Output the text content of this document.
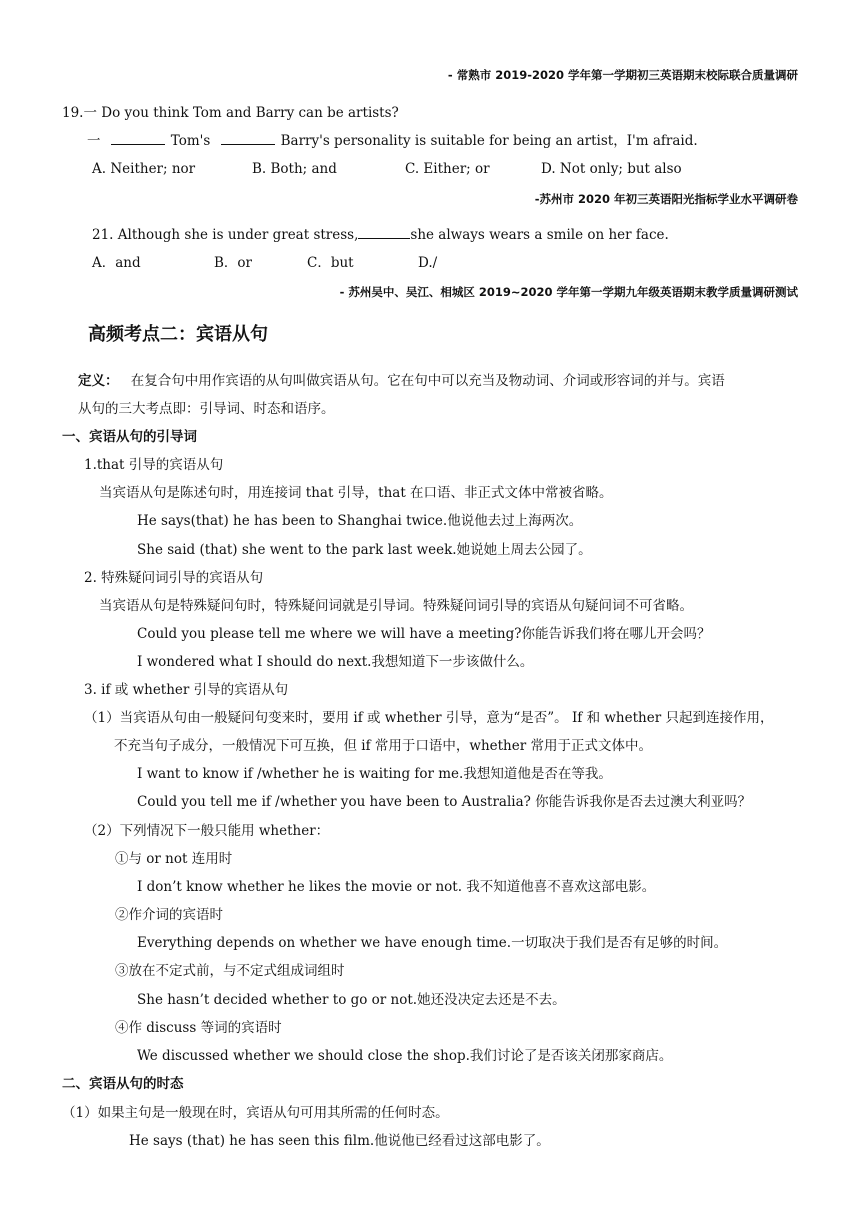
- 常熟市 2019-2020 学年第一学期初三英语期末校际联合质量调研
19.一 Do you think Tom and Barry can be artists?
一	Tom's	Barry's personality is suitable for being an artist，I'm afraid.
A. Neither; nor	B. Both; and	C. Either; or	D. Not only; but also
-苏州市 2020 年初三英语阳光指标学业水平调研卷
21. Although she is under great stress,	she always wears a smile on her face.
A．and	B．or	C．but	D./
- 苏州吴中、吴江、相城区 2019~2020 学年第一学期九年级英语期末教学质量调研测试
高频考点二：宾语从句
定义： 在复合句中用作宾语的从句叫做宾语从句。它在句中可以充当及物动词、介词或形容词的并与。宾语
从句的三大考点即：引导词、时态和语序。
一、宾语从句的引导词
1.that 引导的宾语从句
当宾语从句是陈述句时，用连接词 that 引导，that 在口语、非正式文体中常被省略。
He says(that) he has been to Shanghai twice.他说他去过上海两次。
She said (that) she went to the park last week.她说她上周去公园了。
2. 特殊疑问词引导的宾语从句
当宾语从句是特殊疑问句时，特殊疑问词就是引导词。特殊疑问词引导的宾语从句疑问词不可省略。
Could you please tell me where we will have a meeting?你能告诉我们将在哪儿开会吗？
I wondered what I should do next.我想知道下一步该做什么。
3. if 或 whether 引导的宾语从句
（1）当宾语从句由一般疑问句变来时，要用 if 或 whether 引导，意为“是否”。 If 和 whether 只起到连接作用，
不充当句子成分，一般情况下可互换，但 if 常用于口语中，whether 常用于正式文体中。
I want to know if /whether he is waiting for me.我想知道他是否在等我。
Could you tell me if /whether you have been to Australia? 你能告诉我你是否去过澳大利亚吗？
（2）下列情况下一般只能用 whether：
①与 or not 连用时
I don’t know whether he likes the movie or not. 我不知道他喜不喜欢这部电影。
②作介词的宾语时
Everything depends on whether we have enough time.一切取决于我们是否有足够的时间。
③放在不定式前，与不定式组成词组时
She hasn’t decided whether to go or not.她还没决定去还是不去。
④作 discuss 等词的宾语时
We discussed whether we should close the shop.我们讨论了是否该关闭那家商店。
二、宾语从句的时态
（1）如果主句是一般现在时，宾语从句可用其所需的任何时态。
He says (that) he has seen this film.他说他已经看过这部电影了。
